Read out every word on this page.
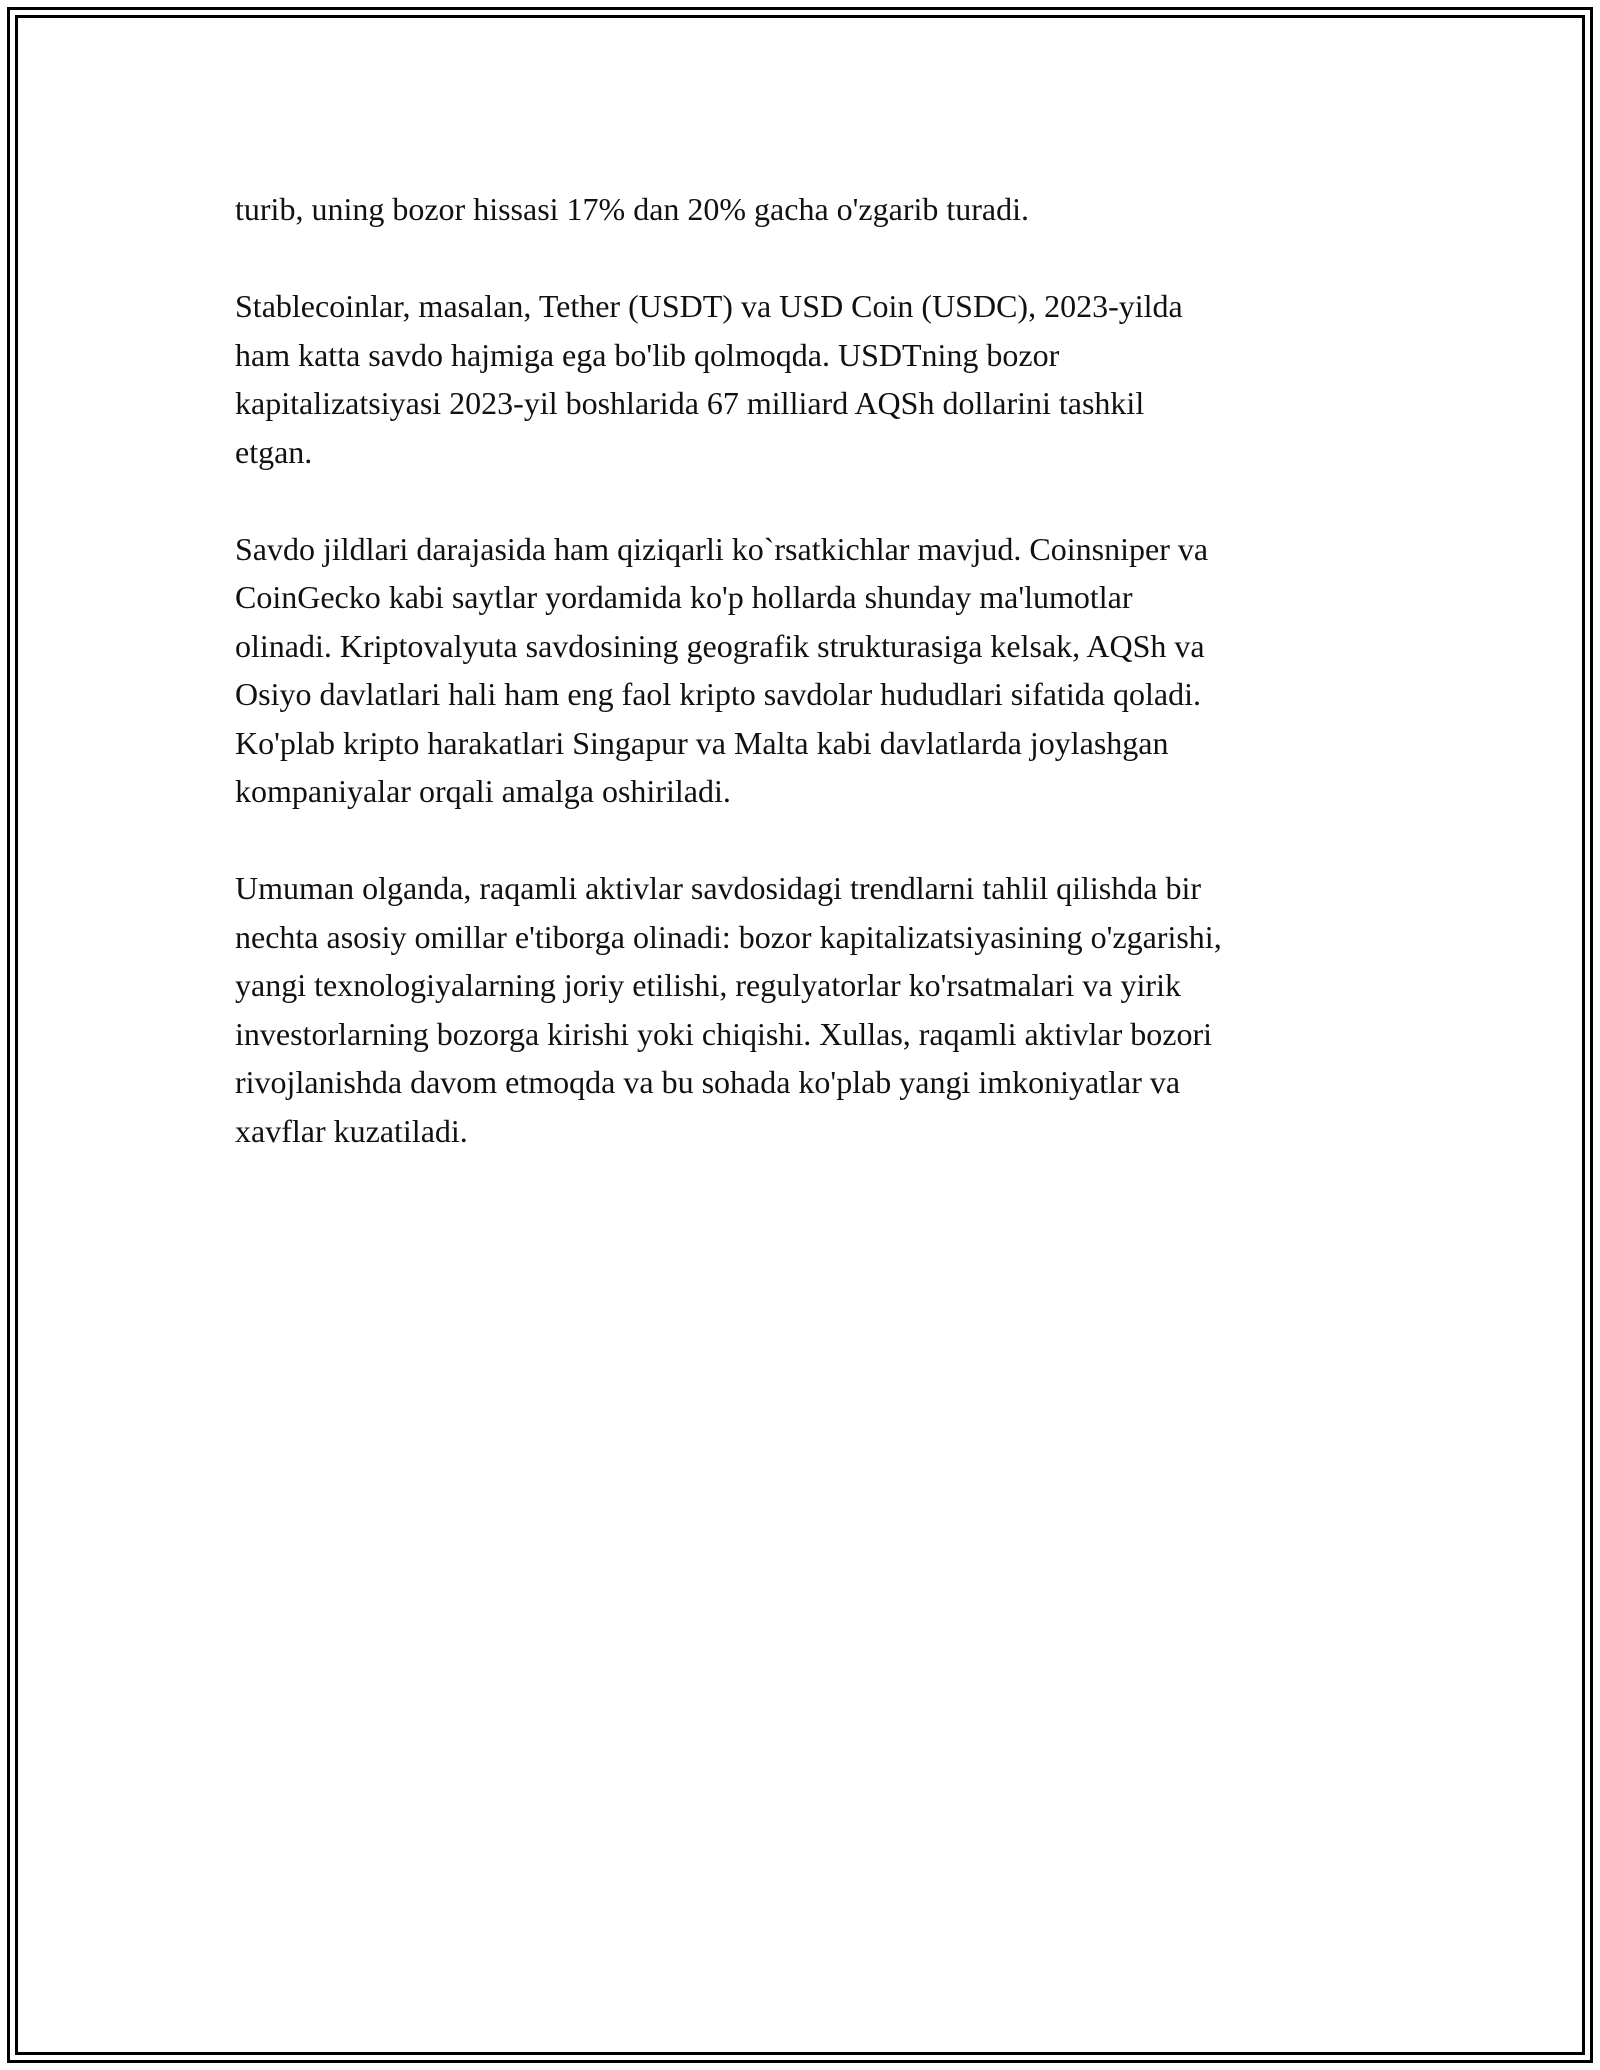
turib, uning bozor hissasi 17% dan 20% gacha o'zgarib turadi.

Stablecoinlar, masalan, Tether (USDT) va USD Coin (USDC), 2023-yilda
ham katta savdo hajmiga ega bo'lib qolmoqda. USDTning bozor
kapitalizatsiyasi 2023-yil boshlarida 67 milliard AQSh dollarini tashkil
etgan.

Savdo jildlari darajasida ham qiziqarli ko`rsatkichlar mavjud. Coinsniper va
CoinGecko kabi saytlar yordamida ko'p hollarda shunday ma'lumotlar
olinadi. Kriptovalyuta savdosining geografik strukturasiga kelsak, AQSh va
Osiyo davlatlari hali ham eng faol kripto savdolar hududlari sifatida qoladi.
Ko'plab kripto harakatlari Singapur va Malta kabi davlatlarda joylashgan
kompaniyalar orqali amalga oshiriladi.

Umuman olganda, raqamli aktivlar savdosidagi trendlarni tahlil qilishda bir
nechta asosiy omillar e'tiborga olinadi: bozor kapitalizatsiyasining o'zgarishi,
yangi texnologiyalarning joriy etilishi, regulyatorlar ko'rsatmalari va yirik
investorlarning bozorga kirishi yoki chiqishi. Xullas, raqamli aktivlar bozori
rivojlanishda davom etmoqda va bu sohada ko'plab yangi imkoniyatlar va
xavflar kuzatiladi.
